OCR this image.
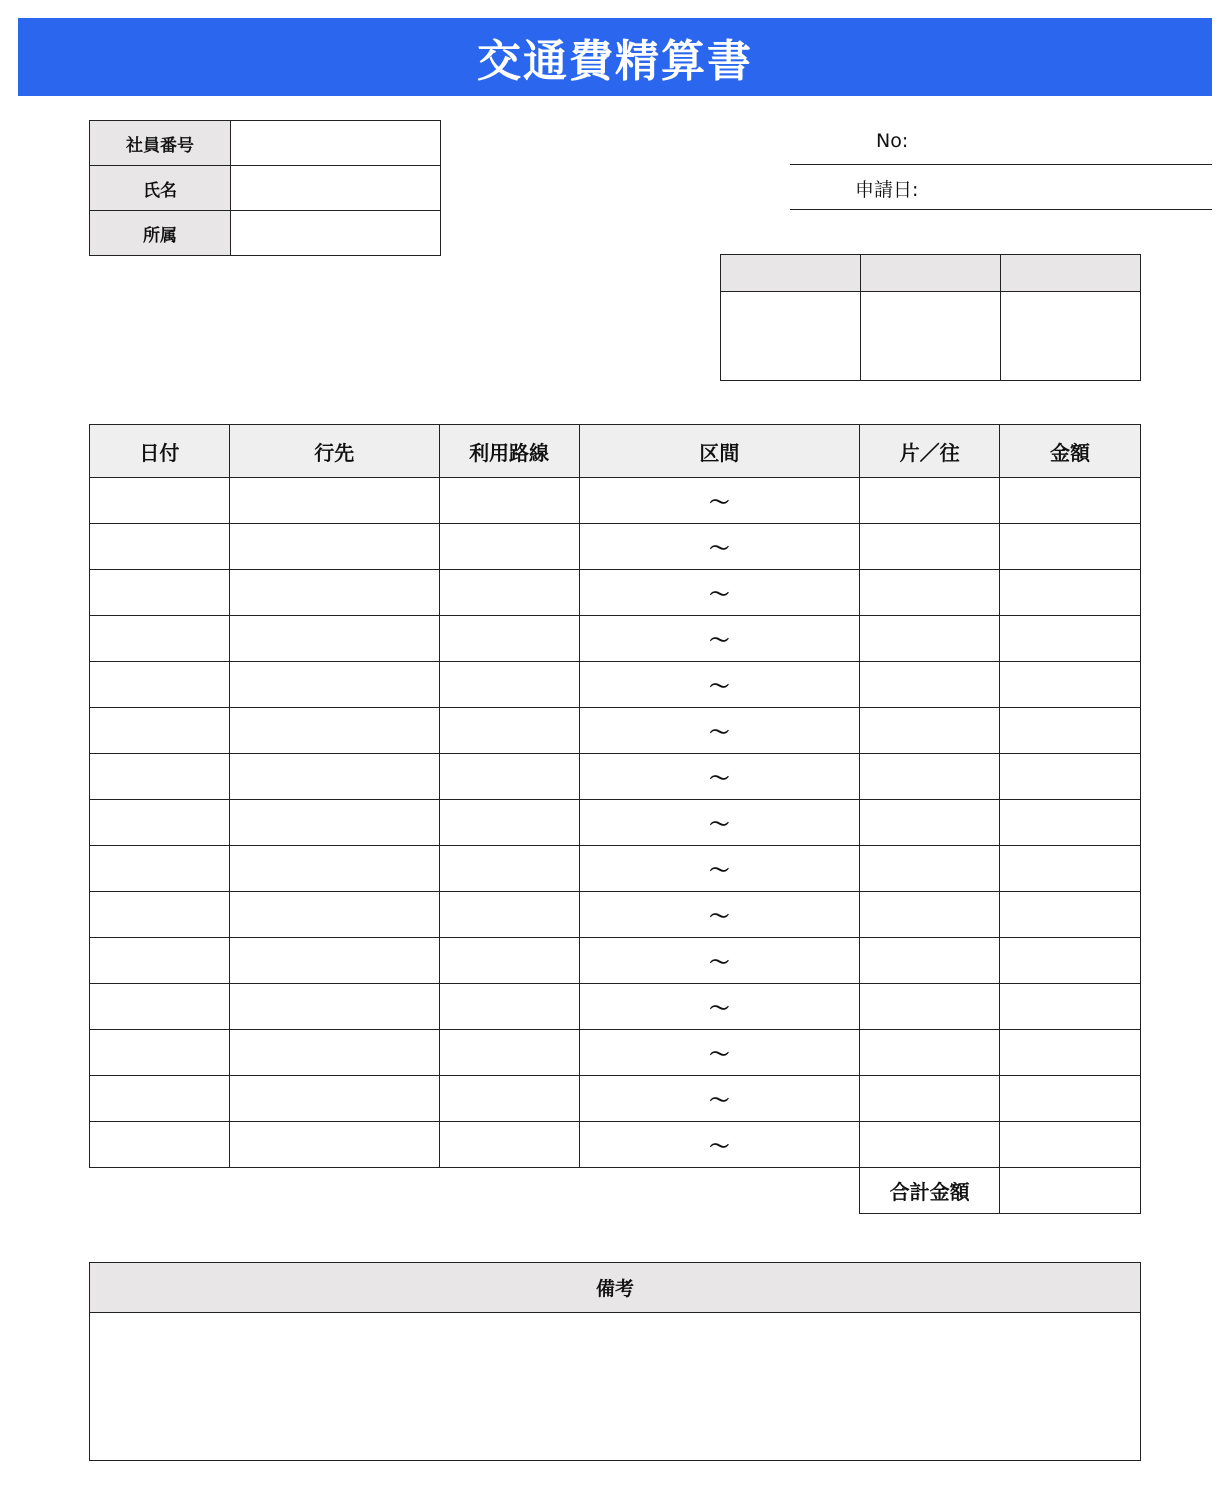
交通費精算書
社員番号	
氏名	
所属	
No:
申請日:

日付	行先	利用路線	区間	片／往	金額
			～		
			～		
			～		
			～		
			～		
			～		
			～		
			～		
			～		
			～		
			～		
			～		
			～		
			～		
			～		
				合計金額	
備考
